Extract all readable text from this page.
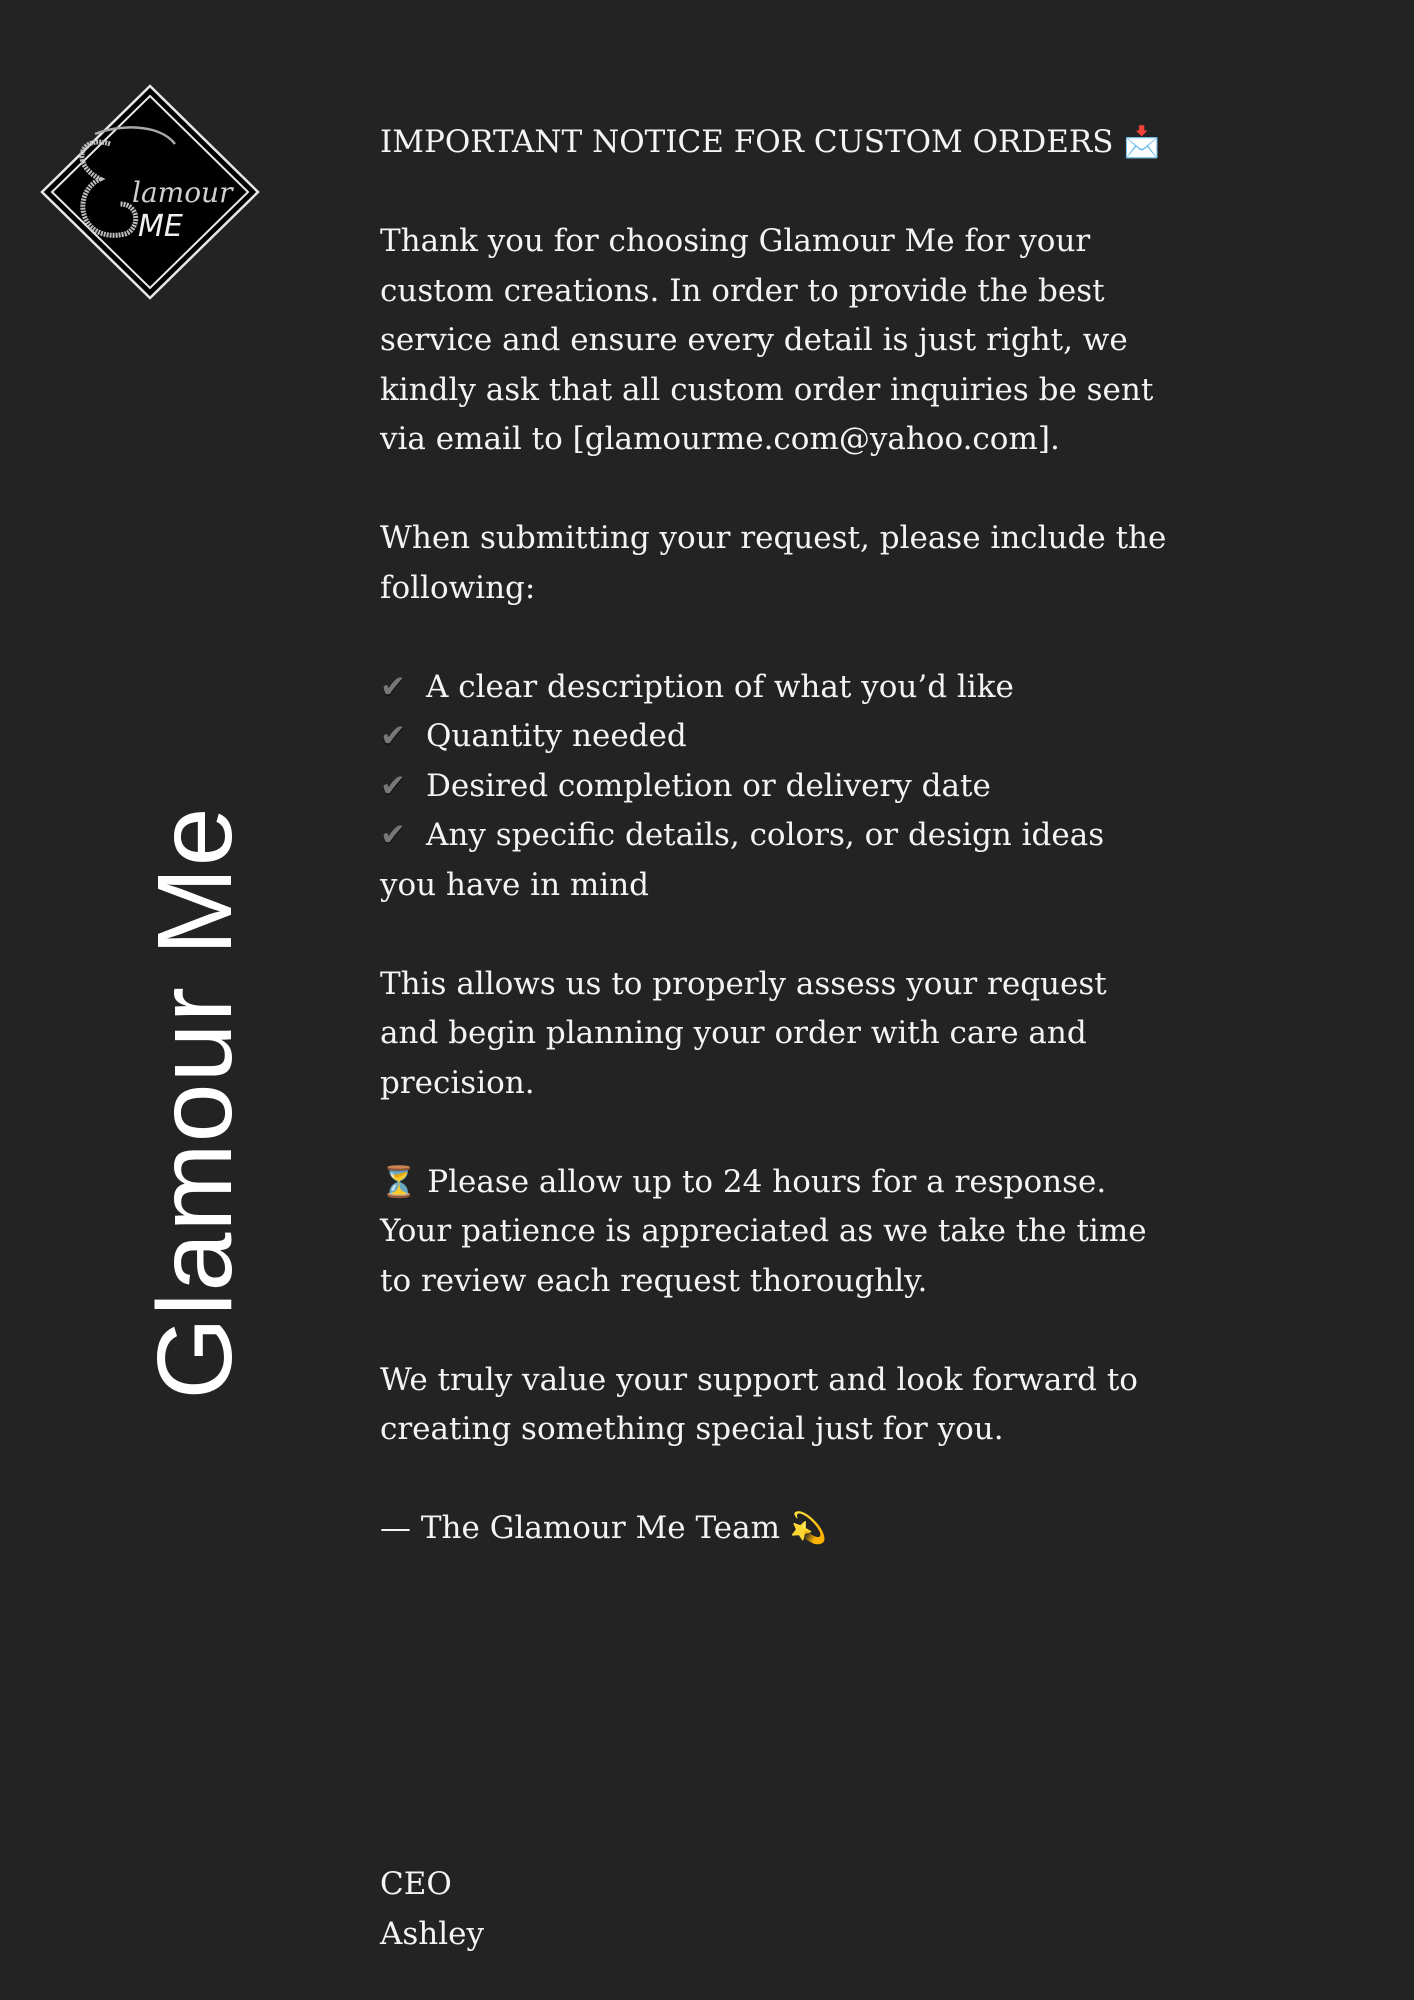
lamour
ME
Glamour Me

IMPORTANT NOTICE FOR CUSTOM ORDERS 📩

Thank you for choosing Glamour Me for your custom creations. In order to provide the best service and ensure every detail is just right, we kindly ask that all custom order inquiries be sent via email to [glamourme.com@yahoo.com].

When submitting your request, please include the following:

✔ A clear description of what you’d like
✔ Quantity needed
✔ Desired completion or delivery date
✔ Any specific details, colors, or design ideas you have in mind

This allows us to properly assess your request and begin planning your order with care and precision.

⏳ Please allow up to 24 hours for a response. Your patience is appreciated as we take the time to review each request thoroughly.

We truly value your support and look forward to creating something special just for you.

— The Glamour Me Team 💫

CEO
Ashley
